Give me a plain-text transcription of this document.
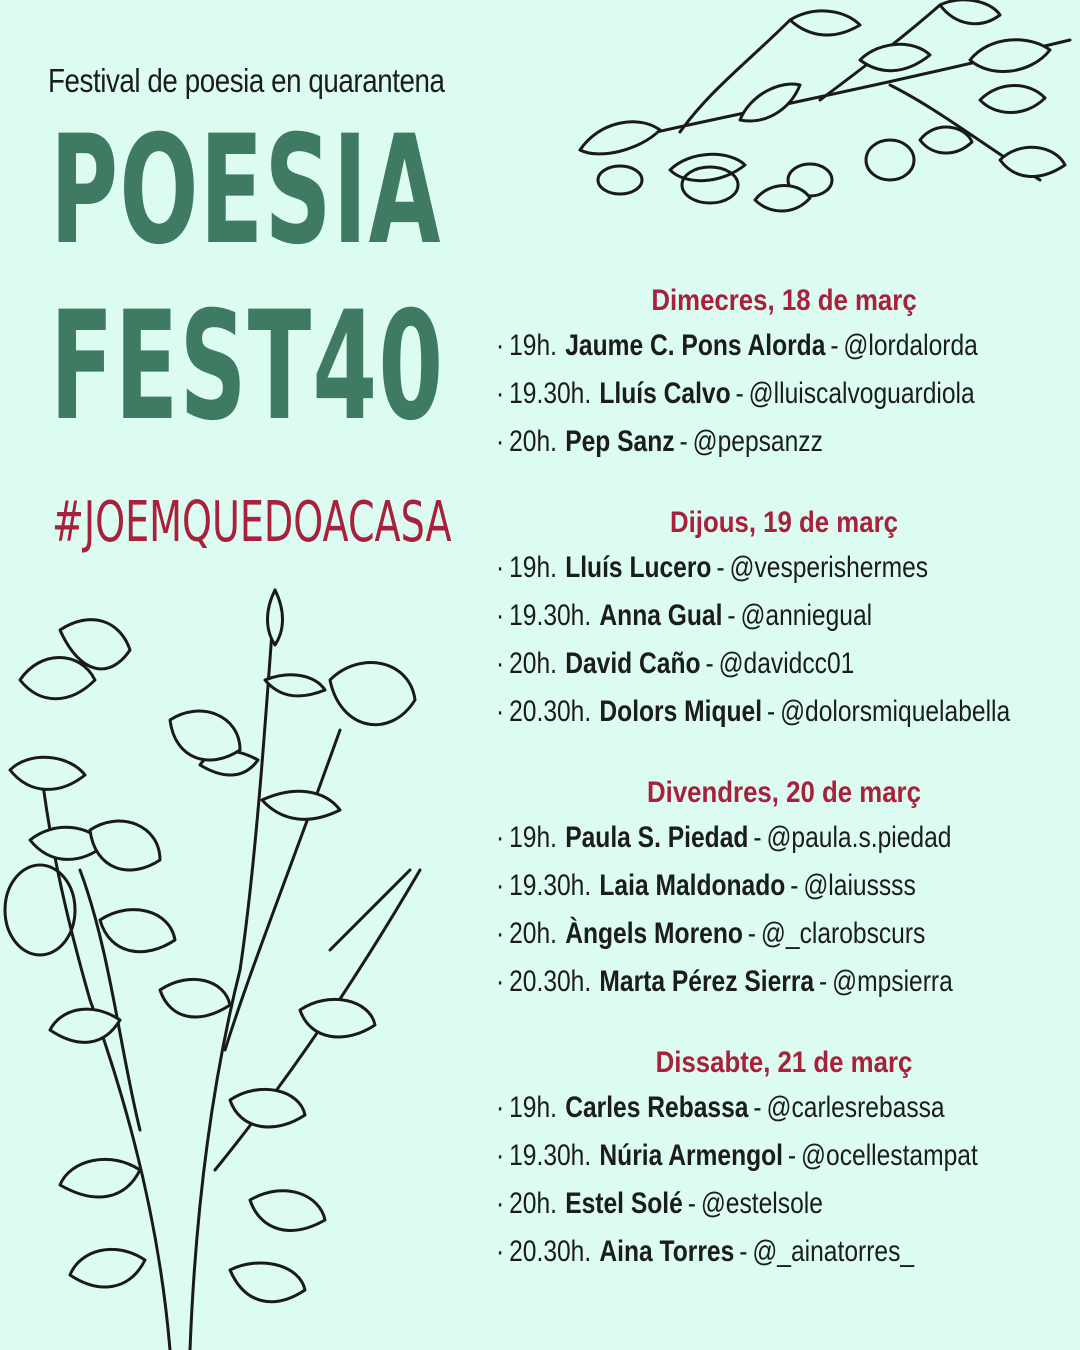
Festival de poesia en quarantena
POESIA
FEST40
#JOEMQUEDOACASA
Dimecres, 18 de març
· 19h. Jaume C. Pons Alorda - @lordalorda
· 19.30h. Lluís Calvo - @lluiscalvoguardiola
· 20h. Pep Sanz - @pepsanzz
Dijous, 19 de març
· 19h. Lluís Lucero - @vesperishermes
· 19.30h. Anna Gual - @anniegual
· 20h. David Caño - @davidcc01
· 20.30h. Dolors Miquel - @dolorsmiquelabella
Divendres, 20 de març
· 19h. Paula S. Piedad - @paula.s.piedad
· 19.30h. Laia Maldonado - @laiussss
· 20h. Àngels Moreno - @_clarobscurs
· 20.30h. Marta Pérez Sierra - @mpsierra
Dissabte, 21 de març
· 19h. Carles Rebassa - @carlesrebassa
· 19.30h. Núria Armengol - @ocellestampat
· 20h. Estel Solé - @estelsole
· 20.30h. Aina Torres - @_ainatorres_
